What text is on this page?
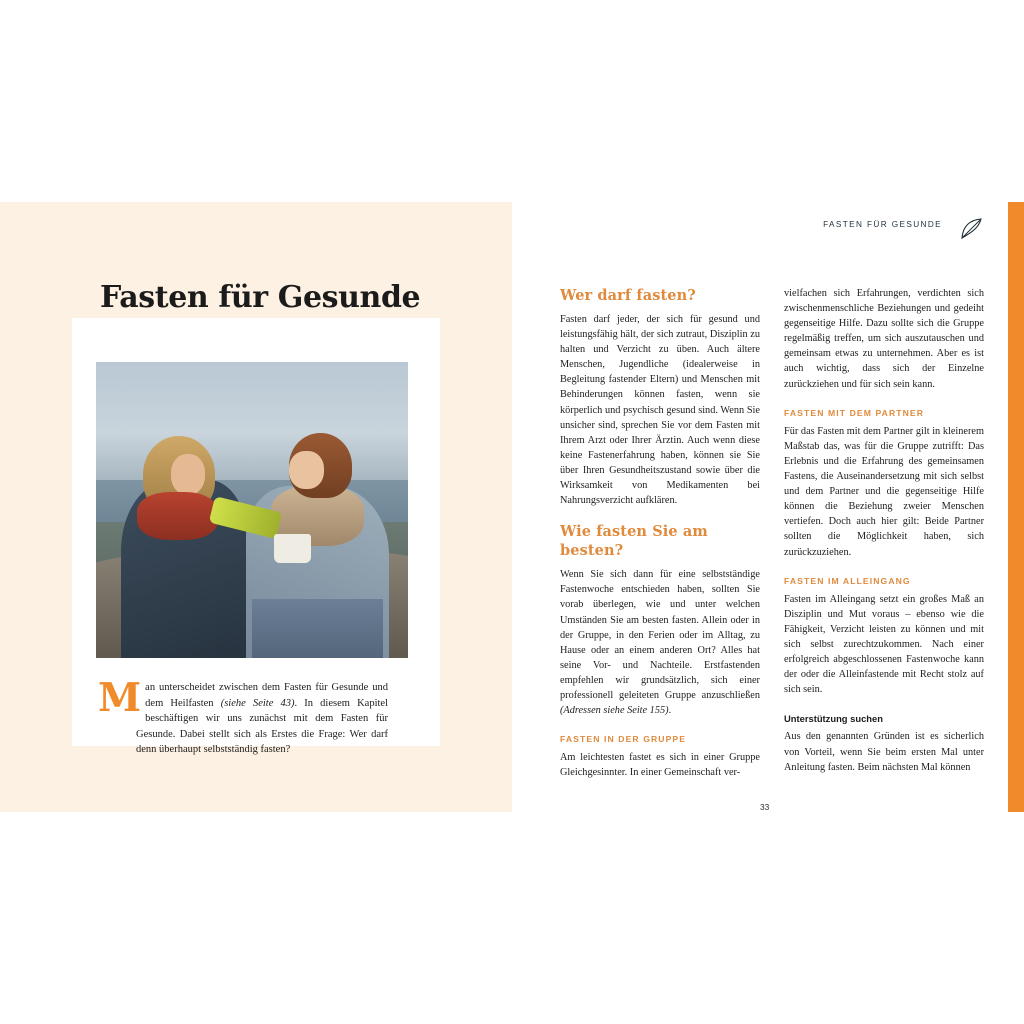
Fasten für Gesunde
Man unterscheidet zwischen dem Fasten für Gesunde und dem Heilfasten (siehe Seite 43). In diesem Kapitel beschäftigen wir uns zunächst mit dem Fasten für Gesunde. Dabei stellt sich als Erstes die Frage: Wer darf denn überhaupt selbstständig fasten?
FASTEN FÜR GESUNDE
Wer darf fasten?

Fasten darf jeder, der sich für gesund und leistungsfähig hält, der sich zutraut, Disziplin zu halten und Verzicht zu üben. Auch ältere Menschen, Jugendliche (idealerweise in Begleitung fastender Eltern) und Menschen mit Behinderungen können fasten, wenn sie körperlich und psychisch gesund sind. Wenn Sie unsicher sind, sprechen Sie vor dem Fasten mit Ihrem Arzt oder Ihrer Ärztin. Auch wenn diese keine Fastenerfahrung haben, können sie Sie über Ihren Gesundheitszustand sowie über die Wirksamkeit von Medikamenten bei Nahrungsverzicht aufklären.

Wie fasten Sie am besten?

Wenn Sie sich dann für eine selbstständige Fastenwoche entschieden haben, sollten Sie vorab überlegen, wie und unter welchen Umständen Sie am besten fasten. Allein oder in der Gruppe, in den Ferien oder im Alltag, zu Hause oder an einem anderen Ort? Alles hat seine Vor- und Nachteile. Erstfastenden empfehlen wir grundsätzlich, sich einer professionell geleiteten Gruppe anzuschließen (Adressen siehe Seite 155).

FASTEN IN DER GRUPPE

Am leichtesten fastet es sich in einer Gruppe Gleichgesinnter. In einer Gemeinschaft ver-

vielfachen sich Erfahrungen, verdichten sich zwischenmenschliche Beziehungen und gedeiht gegenseitige Hilfe. Dazu sollte sich die Gruppe regelmäßig treffen, um sich auszutauschen und gemeinsam etwas zu unternehmen. Aber es ist auch wichtig, dass sich der Einzelne zurückziehen und für sich sein kann.

FASTEN MIT DEM PARTNER

Für das Fasten mit dem Partner gilt in kleinerem Maßstab das, was für die Gruppe zutrifft: Das Erlebnis und die Erfahrung des gemeinsamen Fastens, die Auseinandersetzung mit sich selbst und dem Partner und die gegenseitige Hilfe können die Beziehung zweier Menschen vertiefen. Doch auch hier gilt: Beide Partner sollten die Möglichkeit haben, sich zurückzuziehen.

FASTEN IM ALLEINGANG

Fasten im Alleingang setzt ein großes Maß an Disziplin und Mut voraus – ebenso wie die Fähigkeit, Verzicht leisten zu können und mit sich selbst zurechtzukommen. Nach einer erfolgreich abgeschlossenen Fastenwoche kann der oder die Alleinfastende mit Recht stolz auf sich sein.

Unterstützung suchen

Aus den genannten Gründen ist es sicherlich von Vorteil, wenn Sie beim ersten Mal unter Anleitung fasten. Beim nächsten Mal können

33
